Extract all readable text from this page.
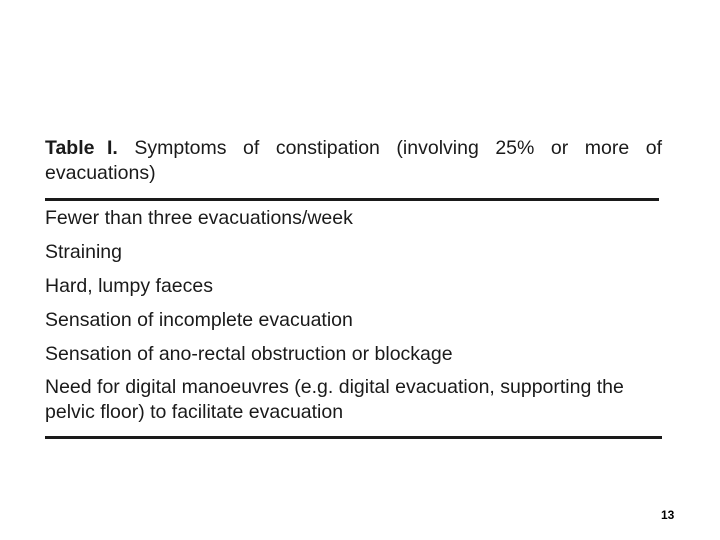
Table I. Symptoms of constipation (involving 25% or more of evacuations)

Fewer than three evacuations/week
Straining
Hard, lumpy faeces
Sensation of incomplete evacuation
Sensation of ano-rectal obstruction or blockage
Need for digital manoeuvres (e.g. digital evacuation, supporting the pelvic floor) to facilitate evacuation
13
